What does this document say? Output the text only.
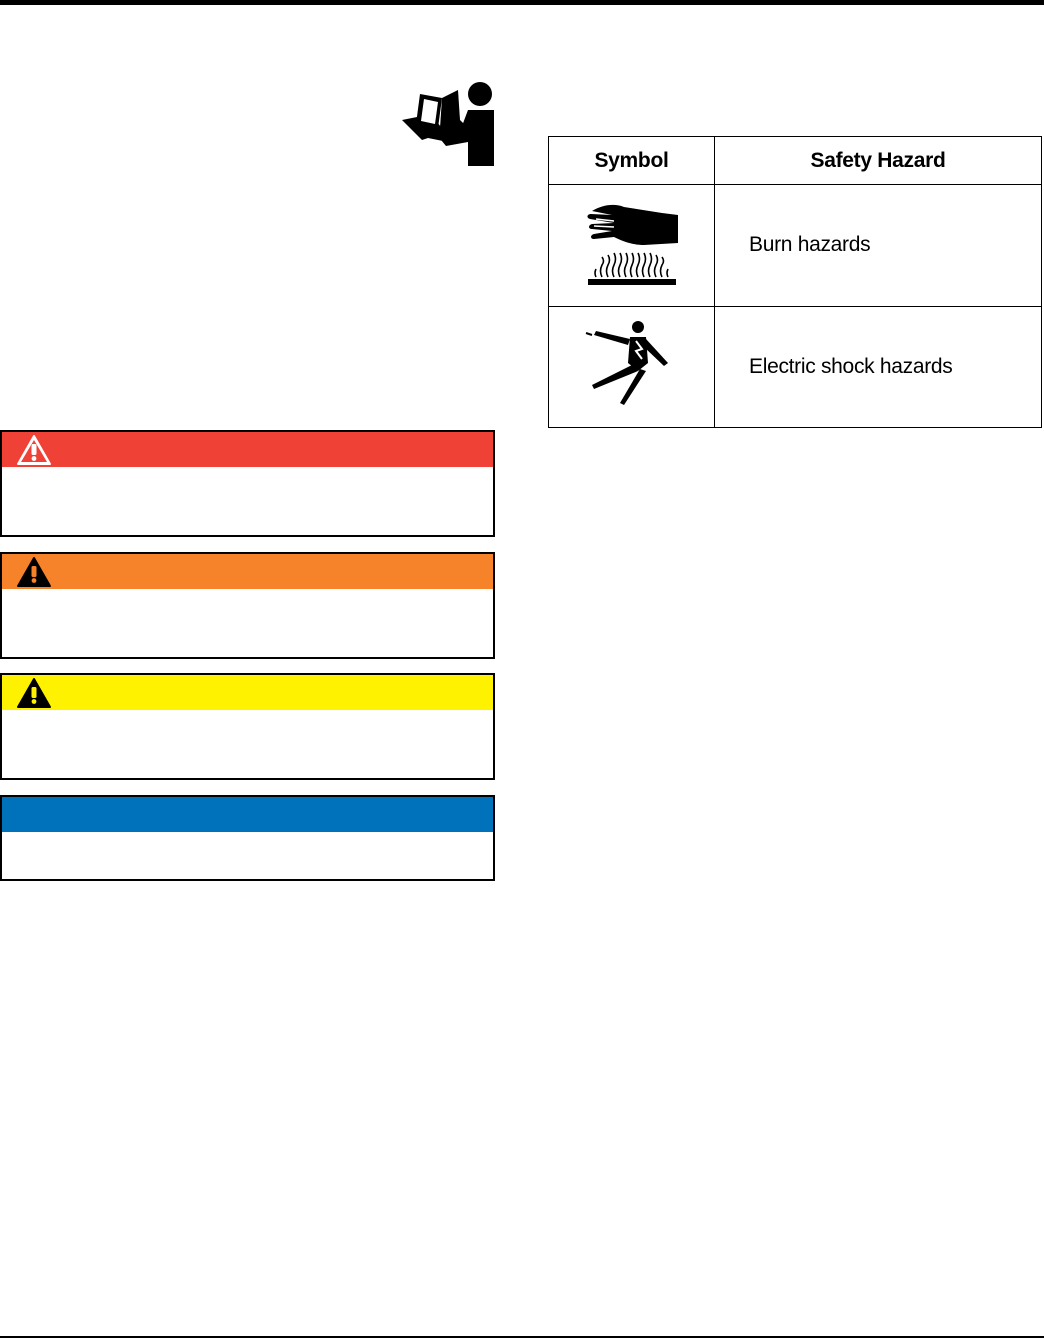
Symbol	Safety Hazard
	Burn hazards
	Electric shock hazards
